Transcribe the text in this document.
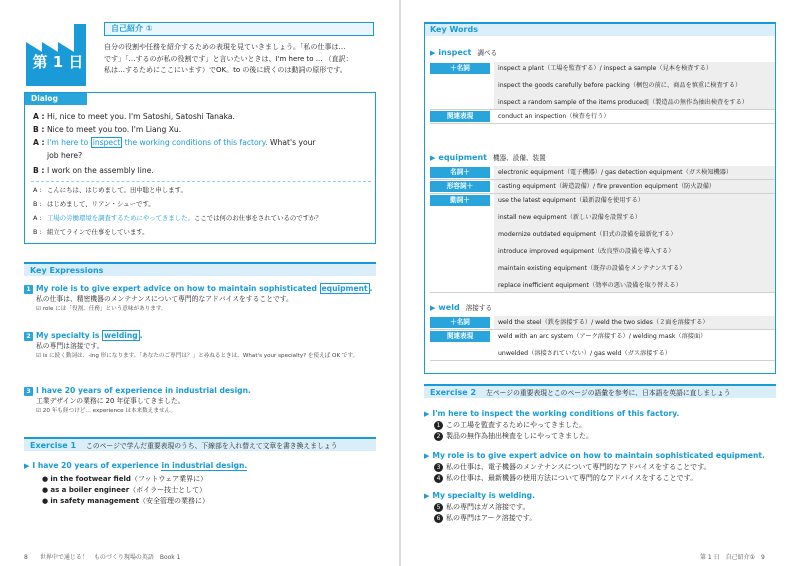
第 1 日
自己紹介 ①
自分の役割や任務を紹介するための表現を見ていきましょう。「私の仕事は…
です」「…するのが私の役割です」と言いたいときは、I'm here to ... （直訳：
私は…するためにここにいます）でOK。to の後に続くのは動詞の原形です。
Dialog
A : Hi, nice to meet you. I'm Satoshi, Satoshi Tanaka.
B : Nice to meet you too. I'm Liang Xu.
A : I'm here to inspect the working conditions of this factory. What's your
job here?
B : I work on the assembly line.
A : こんにちは、はじめまして。田中聡と申します。
B : はじめまして、リアン・シューです。
A : 工場の労働環境を調査するためにやってきました。ここでは何のお仕事をされているのですか？
B : 組立てラインで仕事をしています。
Key Expressions
1 My role is to give expert advice on how to maintain sophisticated equipment .
私の仕事は、精密機器のメンテナンスについて専門的なアドバイスをすることです。
☑ role には「役割、任務」という意味があります。
2 My specialty is welding .
私の専門は溶接です。
☑ is に続く動詞は、-ing 形になります。「あなたのご専門は？」と尋ねるときは、What's your specialty? を使えば OK です。
3 I have 20 years of experience in industrial design.
工業デザインの業務に 20 年従事してきました。
☑ 20 年も経つけど… experience は本来数えません。
Exercise 1 このページで学んだ重要表現のうち、下線部を入れ替えて文章を書き換えましょう
▶ I have 20 years of experience in industrial design.
● in the footwear field（フットウェア業界に）
● as a boiler engineer（ボイラー技士として）
● in safety management（安全管理の業務に）
8　　 世界中で通じる！　ものづくり現場の英語　Book 1
Key Words
▶ inspect 調べる
＋名詞	inspect a plant（工場を監査する）/ inspect a sample（見本を検査する）
inspect the goods carefully before packing（梱包の前に、商品を慎重に検査する）
inspect a random sample of the items produced|（製造品の無作為抽出検査をする）
関連表現	conduct an inspection（検査を行う）
▶ equipment 機器、設備、装置
名詞＋	electronic equipment（電子機器）/ gas detection equipment（ガス検知機器）
形容詞＋	casting equipment（鋳造設備）/ fire prevention equipment（防火設備）
動詞＋	use the latest equipment（最新設備を使用する）
install new equipment（新しい設備を設置する）
modernize outdated equipment（旧式の設備を最新化する）
introduce improved equipment（改良型の設備を導入する）
maintain existing equipment（既存の設備をメンテナンスする）
replace inefficient equipment（効率の悪い設備を取り替える）
▶ weld 溶接する
＋名詞	weld the steel（鉄を溶接する）/ weld the two sides（２面を溶接する）
関連表現	weld with an arc system（アーク溶接する）/ welding mask（溶接面）
unwelded（溶接されていない）/ gas weld（ガス溶接する）
Exercise 2 左ページの重要表現とこのページの語彙を参考に、日本語を英語に直しましょう
▶ I'm here to inspect the working conditions of this factory.
1 この工場を監査するためにやってきました。
2 製品の無作為抽出検査をしにやってきました。
▶ My role is to give expert advice on how to maintain sophisticated equipment.
3 私の仕事は、電子機器のメンテナンスについて専門的なアドバイスをすることです。
4 私の仕事は、最新機器の使用方法について専門的なアドバイスをすることです。
▶ My specialty is welding.
5 私の専門はガス溶接です。
6 私の専門はアーク溶接です。
第 1 日　自己紹介①　 9
